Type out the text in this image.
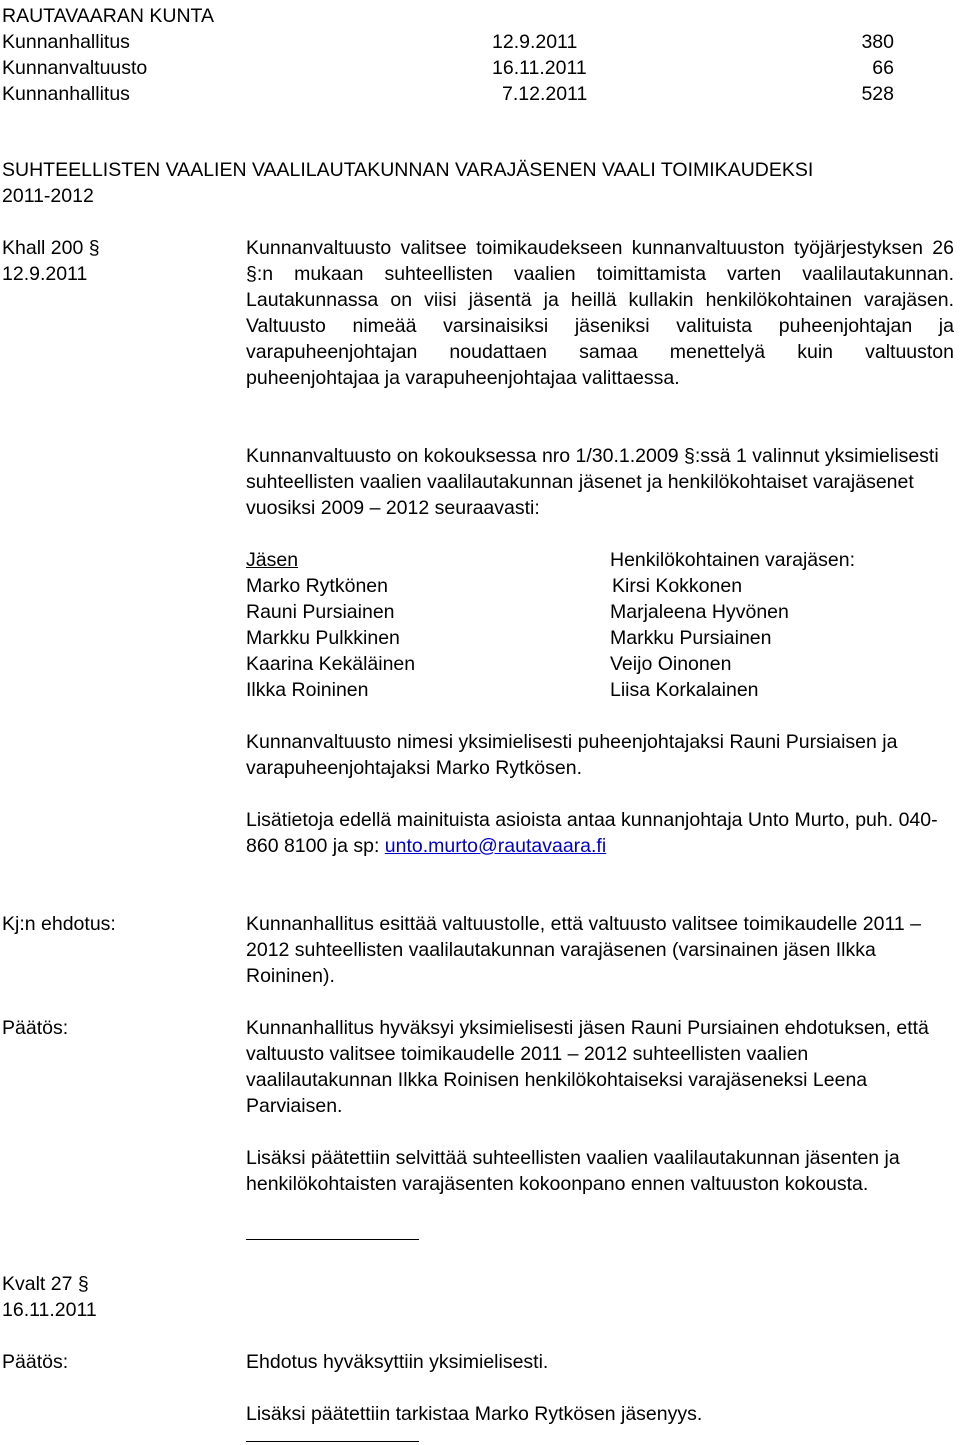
RAUTAVAARAN KUNTA
Kunnanhallitus	12.9.2011	380
Kunnanvaltuusto	16.11.2011	66
Kunnanhallitus	7.12.2011	528
SUHTEELLISTEN VAALIEN VAALILAUTAKUNNAN VARAJÄSENEN VAALI TOIMIKAUDEKSI
2011-2012
Khall 200 §
12.9.2011

Kunnanvaltuusto valitsee toimikaudekseen kunnanvaltuuston työjärjestyksen 26 §:n mukaan suhteellisten vaalien toimittamista varten vaalilautakunnan. Lautakunnassa on viisi jäsentä ja heillä kullakin henkilökohtainen varajäsen. Valtuusto nimeää varsinaisiksi jäseniksi valituista puheenjohtajan ja varapuheenjohtajan noudattaen samaa menettelyä kuin valtuuston puheenjohtajaa ja varapuheenjohtajaa valittaessa.

Kunnanvaltuusto on kokouksessa nro 1/30.1.2009 §:ssä 1 valinnut yksimielisesti suhteellisten vaalien vaalilautakunnan jäsenet ja henkilökohtaiset varajäsenet vuosiksi 2009 – 2012 seuraavasti:

Jäsen	Henkilökohtainen varajäsen:
Marko Rytkönen	Kirsi Kokkonen
Rauni Pursiainen	Marjaleena Hyvönen
Markku Pulkkinen	Markku Pursiainen
Kaarina Kekäläinen	Veijo Oinonen
Ilkka Roininen	Liisa Korkalainen

Kunnanvaltuusto nimesi yksimielisesti puheenjohtajaksi Rauni Pursiaisen ja varapuheenjohtajaksi Marko Rytkösen.

Lisätietoja edellä mainituista asioista antaa kunnanjohtaja Unto Murto, puh. 040-860 8100 ja sp: unto.murto@rautavaara.fi

Kj:n ehdotus:	Kunnanhallitus esittää valtuustolle, että valtuusto valitsee toimikaudelle 2011 – 2012 suhteellisten vaalilautakunnan varajäsenen (varsinainen jäsen Ilkka Roininen).

Päätös:	Kunnanhallitus hyväksyi yksimielisesti jäsen Rauni Pursiainen ehdotuksen, että valtuusto valitsee toimikaudelle 2011 – 2012 suhteellisten vaalien vaalilautakunnan Ilkka Roinisen henkilökohtaiseksi varajäseneksi Leena Parviaisen.

Lisäksi päätettiin selvittää suhteellisten vaalien vaalilautakunnan jäsenten ja henkilökohtaisten varajäsenten kokoonpano ennen valtuuston kokousta.

Kvalt 27 §
16.11.2011
Päätös:	Ehdotus hyväksyttiin yksimielisesti.

Lisäksi päätettiin tarkistaa Marko Rytkösen jäsenyys.
